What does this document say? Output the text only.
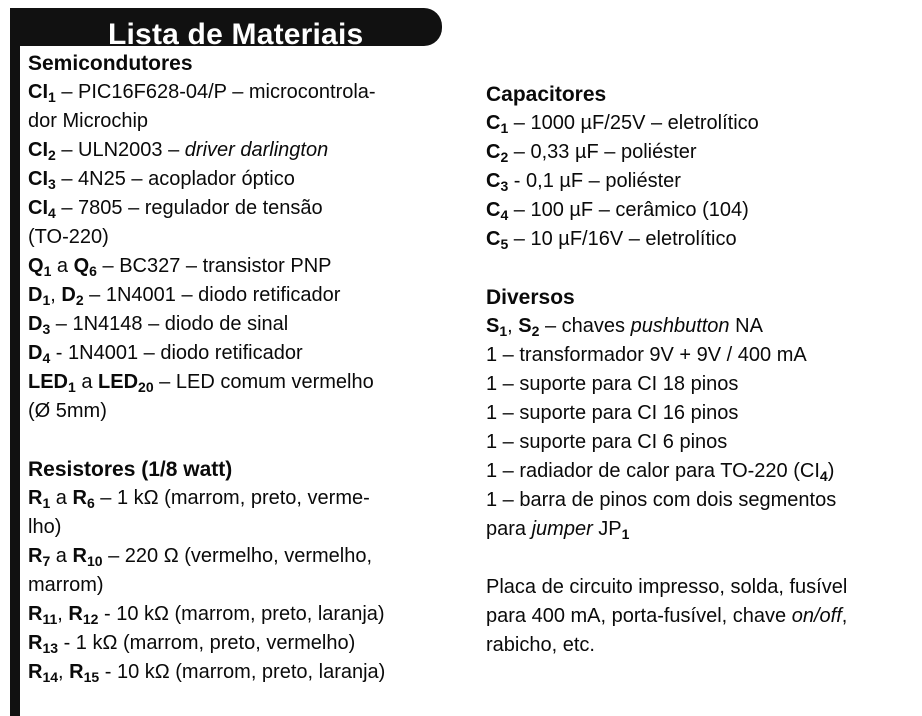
Lista de Materiais
Semicondutores
$CI_1 - PIC16F628-04/P$ – microcontrola-
dor Microchip
$CI_2 - ULN2003$ – driver darlington
$CI_3 - 4N25$ – acoplador óptico
$CI_4 - 7805$ – regulador de tensão
(TO-220)
$Q_1$ a $Q_6 - BC327$ – transistor PNP
$D_1$, $D_2 - 1N4001$ – diodo retificador
$D_3 - 1N4148$ – diodo de sinal
$D_4 - 1N4001$ – diodo retificador
$LED_1$ a $LED_{20}$ – LED comum vermelho
(Ø 5mm)
Resistores (1/8 watt)
$R_1$ a $R_6 - 1$ kΩ (marrom, preto, verme-
lho)
$R_7$ a $R_{10} - 220$ Ω (vermelho, vermelho,
marrom)
$R_{11}$, $R_{12} - 10$ kΩ (marrom, preto, laranja)
$R_{13} - 1$ kΩ (marrom, preto, vermelho)
$R_{14}$, $R_{15} - 10$ kΩ (marrom, preto, laranja)
Capacitores
$C_1 - 1000$ µF/25V – eletrolítico
$C_2 - 0,33$ µF – poliéster
$C_3 - 0,1$ µF – poliéster
$C_4 - 100$ µF – cerâmico (104)
$C_5 - 10$ µF/16V – eletrolítico
Diversos
$S_1$, $S_2$ – chaves pushbutton NA
1 – transformador 9V + 9V / 400 mA
1 – suporte para CI 18 pinos
1 – suporte para CI 16 pinos
1 – suporte para CI 6 pinos
1 – radiador de calor para TO-220 $(CI_4)$
1 – barra de pinos com dois segmentos
para jumper $JP_1$
Placa de circuito impresso, solda, fusível
para 400 mA, porta-fusível, chave on/off,
rabicho, etc.
